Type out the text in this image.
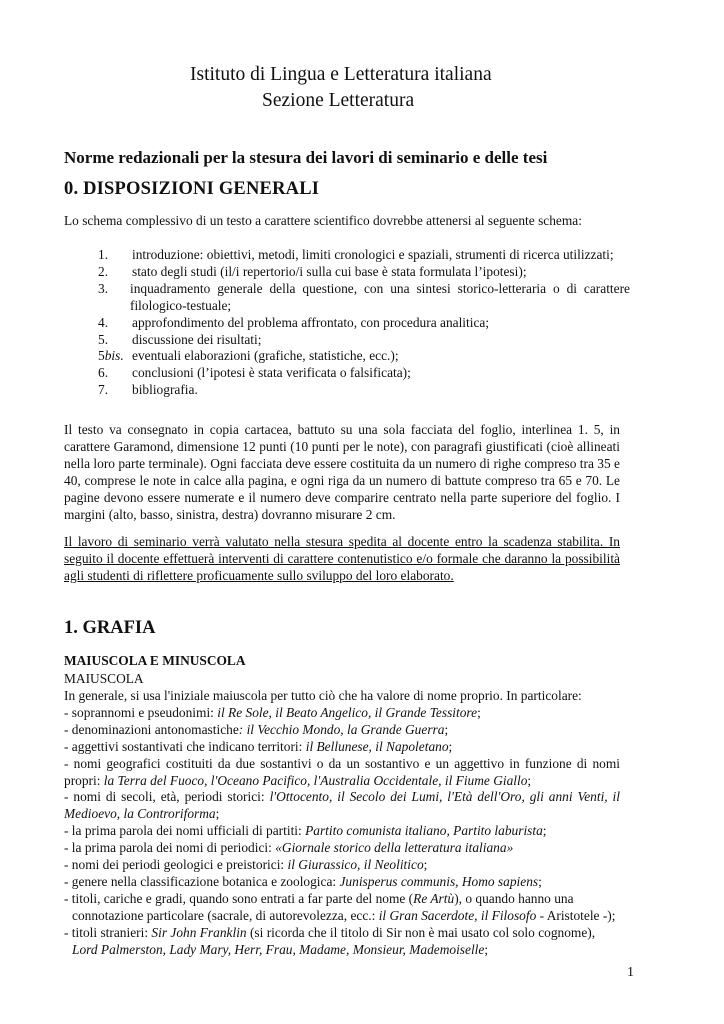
Istituto di Lingua e Letteratura italiana
Sezione Letteratura
Norme redazionali per la stesura dei lavori di seminario e delle tesi
0. DISPOSIZIONI GENERALI
Lo schema complessivo di un testo a carattere scientifico dovrebbe attenersi al seguente schema:
1. introduzione: obiettivi, metodi, limiti cronologici e spaziali, strumenti di ricerca utilizzati;
2. stato degli studi (il/i repertorio/i sulla cui base è stata formulata l’ipotesi);
3. inquadramento generale della questione, con una sintesi storico-letteraria o di carattere filologico-testuale;
4. approfondimento del problema affrontato, con procedura analitica;
5. discussione dei risultati;
5bis. eventuali elaborazioni (grafiche, statistiche, ecc.);
6. conclusioni (l’ipotesi è stata verificata o falsificata);
7. bibliografia.
Il testo va consegnato in copia cartacea, battuto su una sola facciata del foglio, interlinea 1. 5, in carattere Garamond, dimensione 12 punti (10 punti per le note), con paragrafi giustificati (cioè allineati nella loro parte terminale). Ogni facciata deve essere costituita da un numero di righe compreso tra 35 e 40, comprese le note in calce alla pagina, e ogni riga da un numero di battute compreso tra 65 e 70. Le pagine devono essere numerate e il numero deve comparire centrato nella parte superiore del foglio. I margini (alto, basso, sinistra, destra) dovranno misurare 2 cm.
Il lavoro di seminario verrà valutato nella stesura spedita al docente entro la scadenza stabilita. In seguito il docente effettuerà interventi di carattere contenutistico e/o formale che daranno la possibilità agli studenti di riflettere proficuamente sullo sviluppo del loro elaborato.
1. GRAFIA
MAIUSCOLA E MINUSCOLA
MAIUSCOLA
In generale, si usa l'iniziale maiuscola per tutto ciò che ha valore di nome proprio. In particolare:
- soprannomi e pseudonimi: il Re Sole, il Beato Angelico, il Grande Tessitore;
- denominazioni antonomastiche: il Vecchio Mondo, la Grande Guerra;
- aggettivi sostantivati che indicano territori: il Bellunese, il Napoletano;
- nomi geografici costituiti da due sostantivi o da un sostantivo e un aggettivo in funzione di nomi propri: la Terra del Fuoco, l'Oceano Pacifico, l'Australia Occidentale, il Fiume Giallo;
- nomi di secoli, età, periodi storici: l'Ottocento, il Secolo dei Lumi, l'Età dell'Oro, gli anni Venti, il Medioevo, la Controriforma;
- la prima parola dei nomi ufficiali di partiti: Partito comunista italiano, Partito laburista;
- la prima parola dei nomi di periodici: «Giornale storico della letteratura italiana»
- nomi dei periodi geologici e preistorici: il Giurassico, il Neolitico;
- genere nella classificazione botanica e zoologica: Junisperus communis, Homo sapiens;
- titoli, cariche e gradi, quando sono entrati a far parte del nome (Re Artù), o quando hanno una
connotazione particolare (sacrale, di autorevolezza, ecc.: il Gran Sacerdote, il Filosofo - Aristotele -);
- titoli stranieri: Sir John Franklin (si ricorda che il titolo di Sir non è mai usato col solo cognome),
Lord Palmerston, Lady Mary, Herr, Frau, Madame, Monsieur, Mademoiselle;
1
